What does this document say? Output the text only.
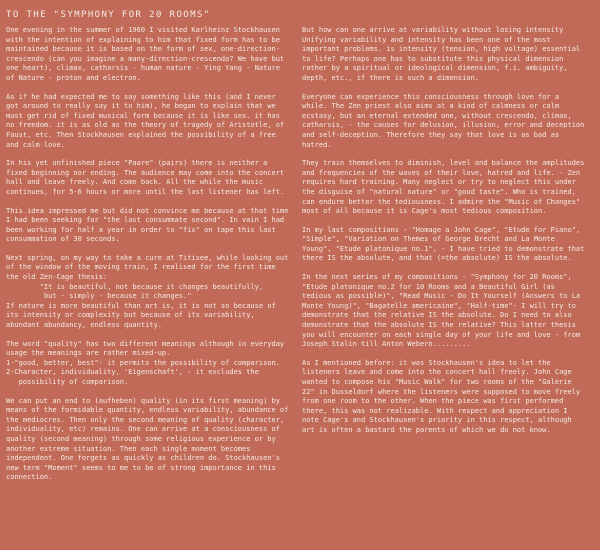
TO THE "SYMPHONY FOR 20 ROOMS"

One evening in the summer of 1960 I visited Karlheinz Stockhausen with the intention of explaining to him that fixed form has to be maintained because it is based on the form of sex, one-direction-crescendo (can you imagine a many-direction-crescendo? We have but one heart), climax, catharsis - human nature - Ying Yang - Nature of Nature - proton and electron.

As if he had expected me to say something like this (and I never got around to really say it to him), he began to explain that we must get rid of fixed musical form because it is like sex. it has no freedom. it is as old as the theory of tragedy of Aristotle, of Faust, etc. Then Stockhausen explained the possibility of a free and calm love.

In his yet unfinished piece "Paare" (pairs) there is neither a fixed beginning nor ending. The audience may come into the concert hall and leave freely. And come back. All the while the music continues, for 5-6 hours or more until the last listener has left.

This idea impressed me but did not convince me because at that time I had been seeking for "the last consummate second". In vain I had been working for half a year in order to "fix" on tape this last consummation of 30 seconds.

Next spring, on my way to take a cure at Titisee, while looking out of the window of the moving train, I realised for the first time the old Zen-Cage thesis:
"It is beautiful, not because it changes beautifully,
but - simply - because it changes."
If nature is more beautiful than art is, it is not so because of its intensity or complexity but because of its variability, abundant abundancy, endless quantity.

The word "quality" has two different meanings although in everyday usage the meanings are rather mixed-up.
1-"good, better, best"- it permits the possibility of comparison.
2-Character, individuality, 'Eigenschaft', - it excludes the
possibility of comparison.

We can put an end to (aufheben) quality (in its first meaning) by means of the formidable quantity, endless variability, abundance of the mediocres. Then only the second meaning of quality (character, individuality, etc) remains. One can arrive at a consciousness of quality (second meaning) through some religious experience or by another extreme situation. Then each single moment becomes independent. One forgets as quickly as children do. Stockhausen's new term "Moment" seems to me to be of strong importance in this connection.

But how can one arrive at variability without losing intensity Unifying variability and intensity has been one of the most important problems. is intensity (tension, high voltage) essential to life? Perhaps one has to substitute this physical dimension rather by a spiritual or ideological dimension, f.i. ambiguity, depth, etc., if there is such a dimension.

Everyone can experience this consciousness through love for a while. The Zen priest also aims at a kind of calmness or calm ecstasy, but an eternal extended one, without crescendo, climax, catharsis, - the causes for delusion, illusion, error and deception and self-deception. Therefore they say that love is as bad as hatred.

They train themselves to diminish, level and balance the amplitudes and frequencies of the waves of their love, hatred and life. - Zen requires hard training. Many neglect or try to neglect this under the disguise of "natural nature" or "good taste". Who is trained, can endure better the tediousness. I admire the "Music of Changes" most of all because it is Cage's most tedious composition.

In my last compositions - "Homage a John Cage", "Etude for Piano", "Simple", "Variation on Themes of George Brecht and La Monte Young", "Etude platonique no.1", - I have tried to demonstrate that there IS the absolute, and that (=the absolute) IS the absolute.

In the next series of my compositions - "Symphony for 20 Rooms", "Etude platonique no.2 for 10 Rooms and a Beautiful Girl (as tedious as possible)", "Read Music - Do It Yourself (Answers to La Monte Young)", "Bagatelle americaine", "Half-time"- I will try to demonstrate that the relative IS the absolute. Do I need to also demonstrate that the absolute IS the relative? This latter thesis you will encounter on each single day of your life and love - from Joseph Stalin till Anton Webern.........

As I mentioned before: it was Stockhausen's idea to let the listeners leave and come into the concert hall freely. John Cage wanted to compose his "Music Walk" for two rooms of the "Galerie 22" in Dusseldorf where the listeners were supposed to move freely from one room to the other. When the piece was first performed there, this was not realizable. With respect and appreciation I note Cage's and Stockhausen's priority in this respect, although art is often a bastard the parents of which we do not know.
